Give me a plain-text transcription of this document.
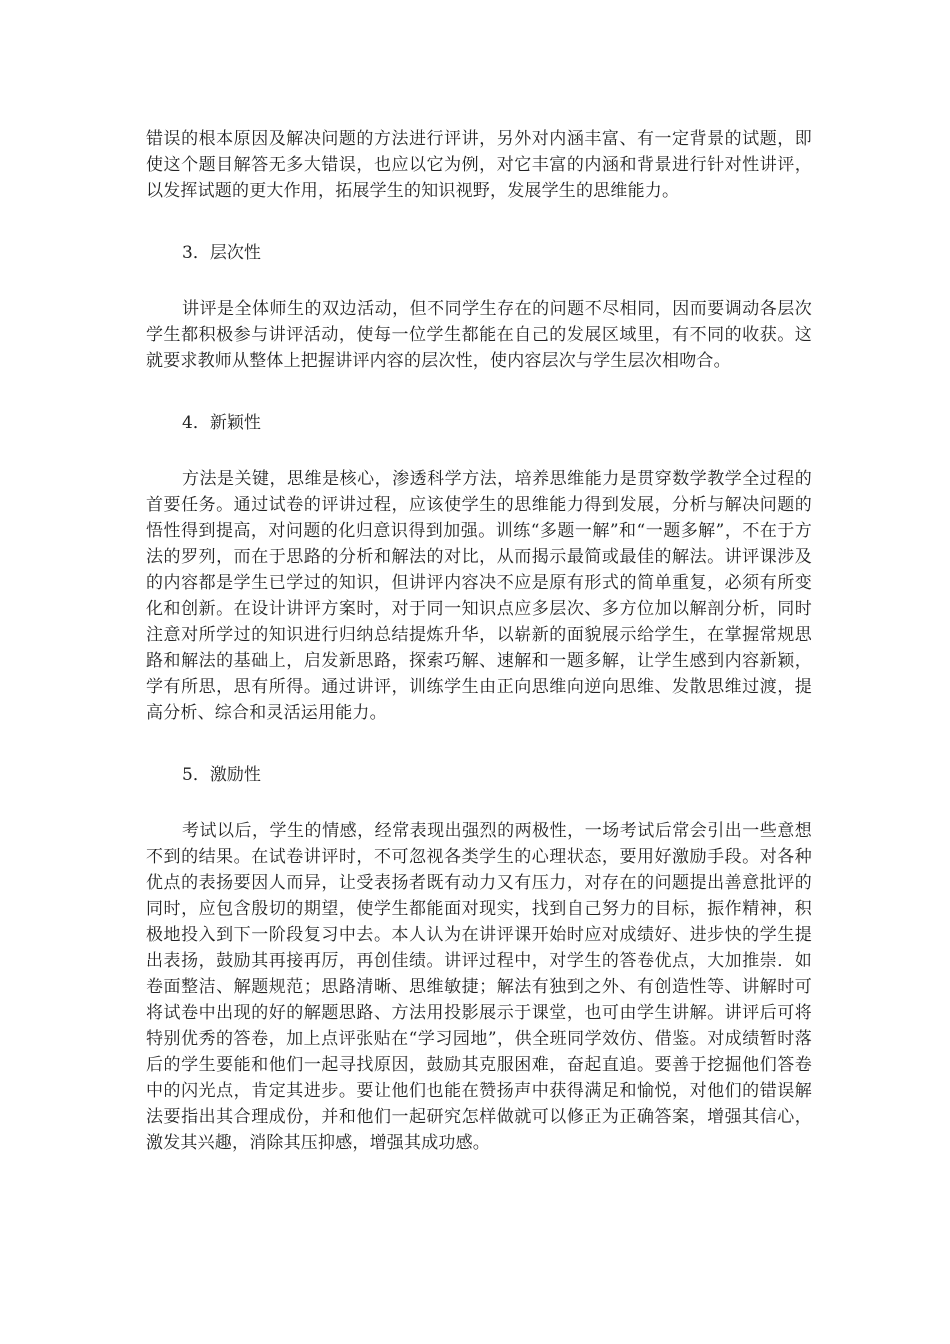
错误的根本原因及解决问题的方法进行评讲，另外对内涵丰富、有一定背景的试题，即使这个题目解答无多大错误，也应以它为例，对它丰富的内涵和背景进行针对性讲评，以发挥试题的更大作用，拓展学生的知识视野，发展学生的思维能力。

3．层次性

讲评是全体师生的双边活动，但不同学生存在的问题不尽相同，因而要调动各层次学生都积极参与讲评活动，使每一位学生都能在自己的发展区域里，有不同的收获。这就要求教师从整体上把握讲评内容的层次性，使内容层次与学生层次相吻合。

4．新颖性

方法是关键，思维是核心，渗透科学方法，培养思维能力是贯穿数学教学全过程的首要任务。通过试卷的评讲过程，应该使学生的思维能力得到发展，分析与解决问题的悟性得到提高，对问题的化归意识得到加强。训练“多题一解”和“一题多解”，不在于方法的罗列，而在于思路的分析和解法的对比，从而揭示最简或最佳的解法。讲评课涉及的内容都是学生已学过的知识，但讲评内容决不应是原有形式的简单重复，必须有所变化和创新。在设计讲评方案时，对于同一知识点应多层次、多方位加以解剖分析，同时注意对所学过的知识进行归纳总结提炼升华，以崭新的面貌展示给学生，在掌握常规思路和解法的基础上，启发新思路，探索巧解、速解和一题多解，让学生感到内容新颖，学有所思，思有所得。通过讲评，训练学生由正向思维向逆向思维、发散思维过渡，提高分析、综合和灵活运用能力。

5．激励性

考试以后，学生的情感，经常表现出强烈的两极性，一场考试后常会引出一些意想不到的结果。在试卷讲评时，不可忽视各类学生的心理状态，要用好激励手段。对各种优点的表扬要因人而异，让受表扬者既有动力又有压力，对存在的问题提出善意批评的同时，应包含殷切的期望，使学生都能面对现实，找到自己努力的目标，振作精神，积极地投入到下一阶段复习中去。本人认为在讲评课开始时应对成绩好、进步快的学生提出表扬，鼓励其再接再厉，再创佳绩。讲评过程中，对学生的答卷优点，大加推崇．如卷面整洁、解题规范；思路清晰、思维敏捷；解法有独到之外、有创造性等、讲解时可将试卷中出现的好的解题思路、方法用投影展示于课堂，也可由学生讲解。讲评后可将特别优秀的答卷，加上点评张贴在“学习园地”，供全班同学效仿、借鉴。对成绩暂时落后的学生要能和他们一起寻找原因，鼓励其克服困难，奋起直追。要善于挖掘他们答卷中的闪光点，肯定其进步。要让他们也能在赞扬声中获得满足和愉悦，对他们的错误解法要指出其合理成份，并和他们一起研究怎样做就可以修正为正确答案，增强其信心，激发其兴趣，消除其压抑感，增强其成功感。
